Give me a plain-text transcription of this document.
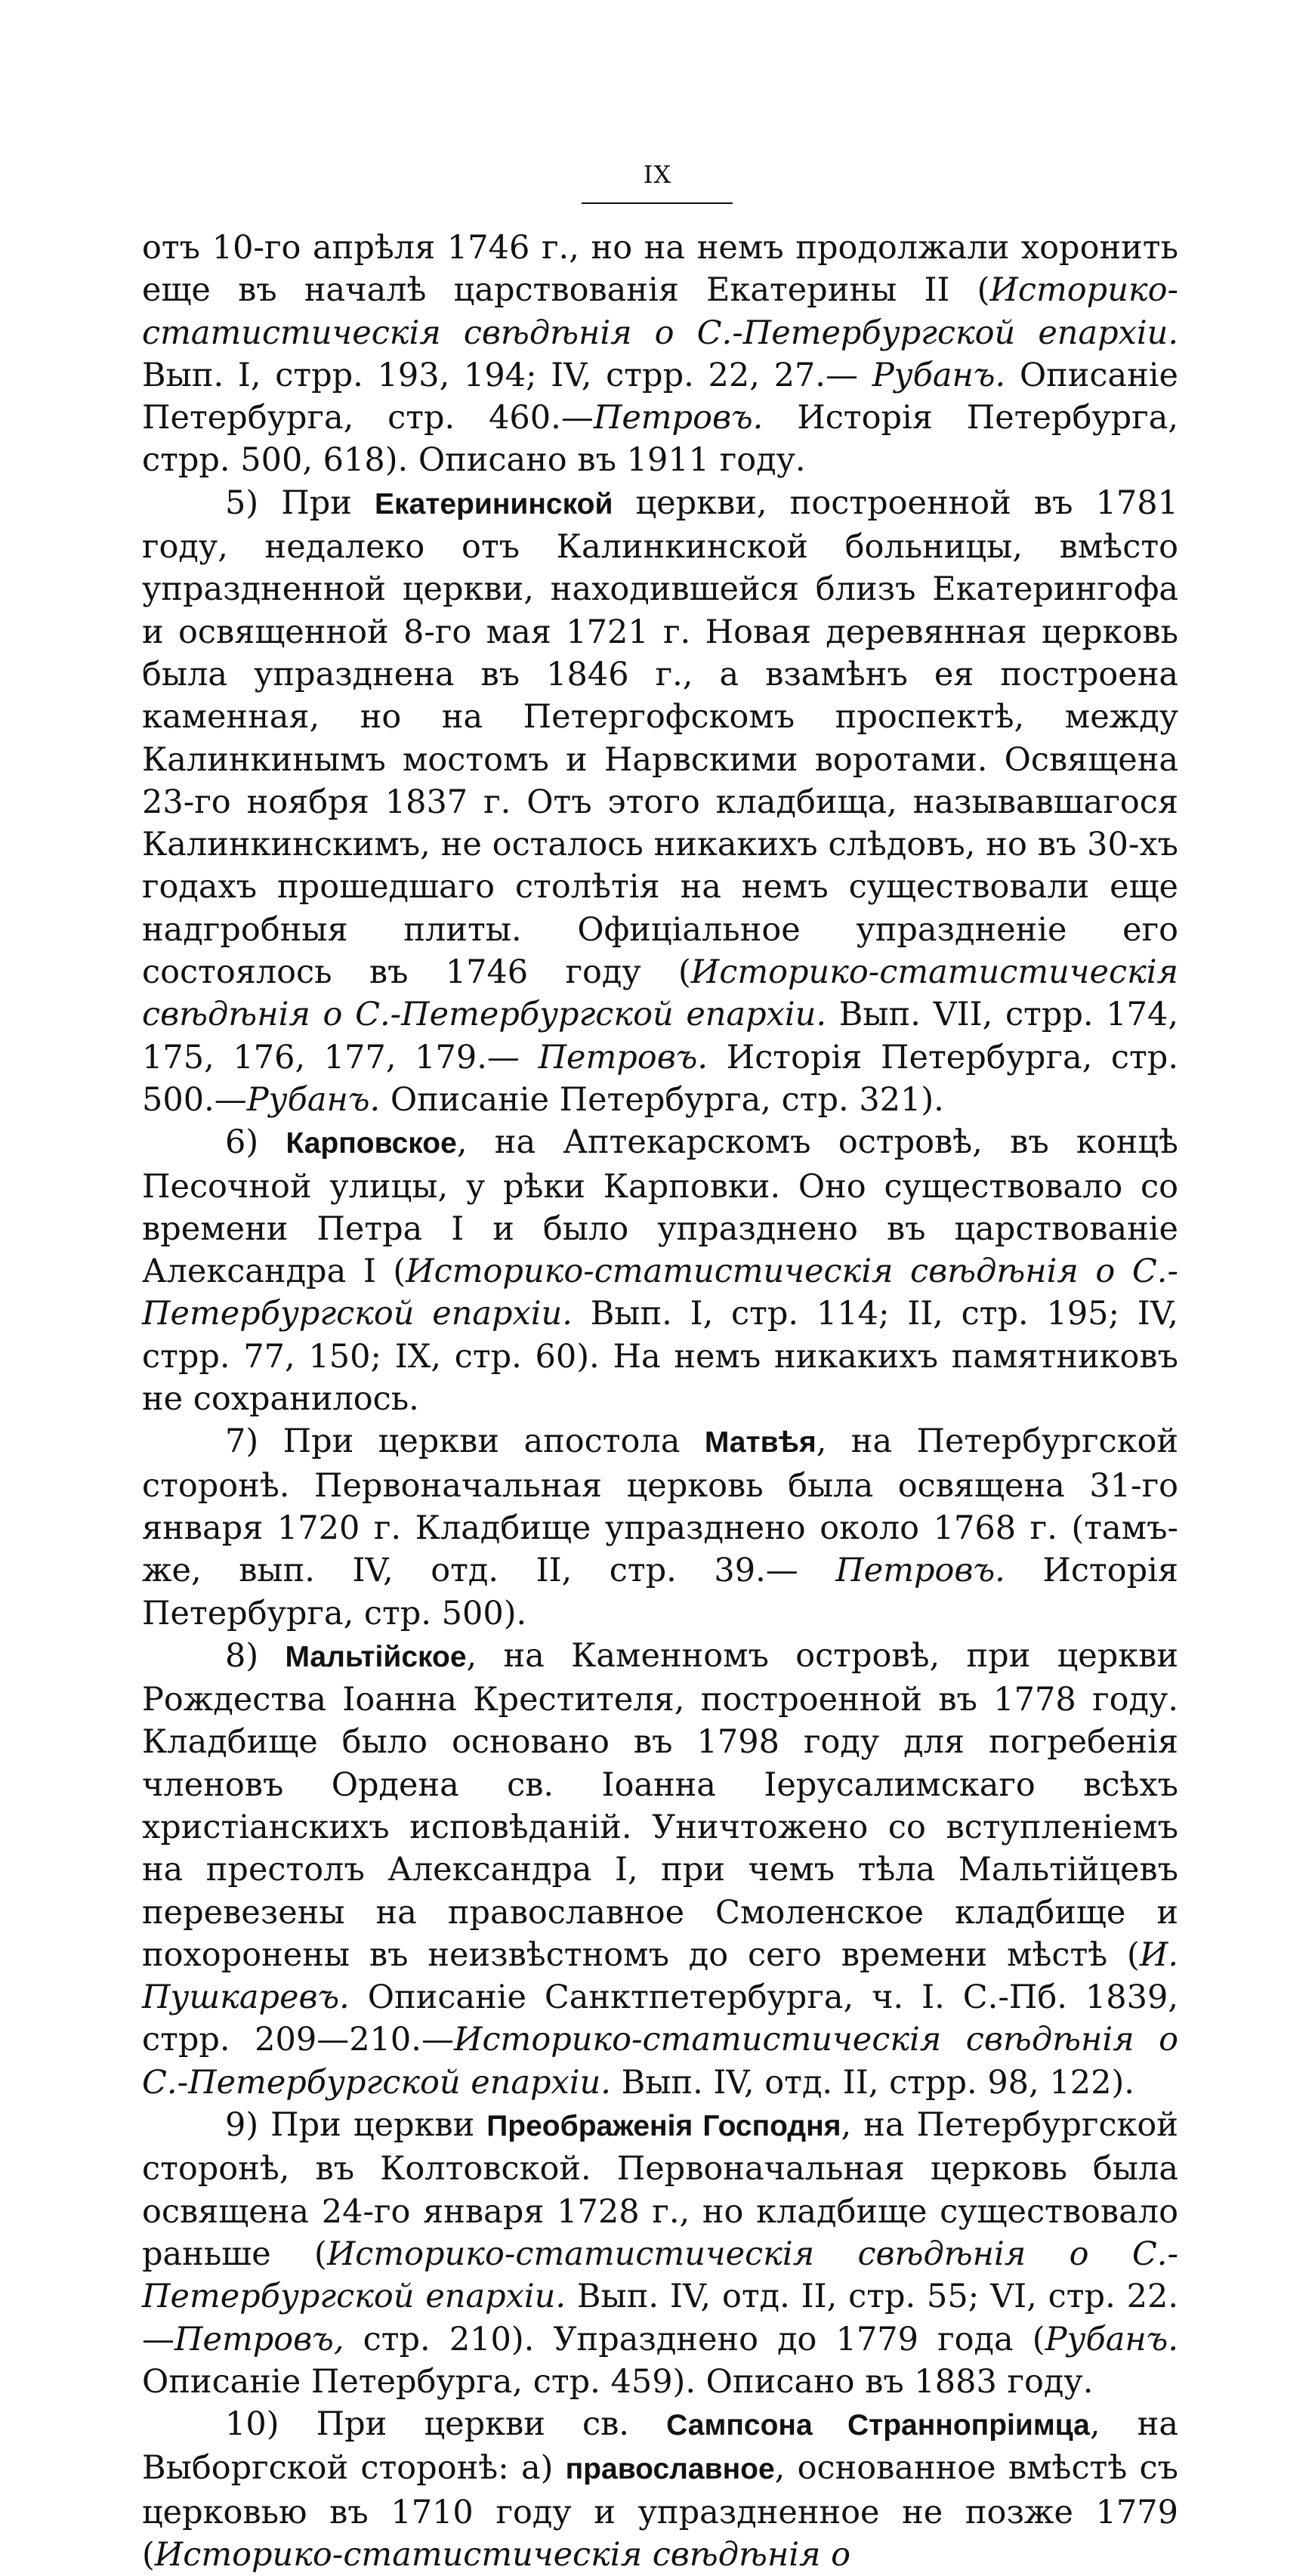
IX

отъ 10-го апрѣля 1746 г., но на немъ продолжали хоронить еще въ началѣ царствованія Екатерины II (Историко-статистическія свѣдѣнія о С.-Петербургской епархіи. Вып. I, стрр. 193, 194; IV, стрр. 22, 27.— Рубанъ. Описаніе Петербурга, стр. 460.—Петровъ. Исторія Петербурга, стрр. 500, 618). Описано въ 1911 году.

5) При Екатерининской церкви, построенной въ 1781 году, недалеко отъ Калинкинской больницы, вмѣсто упраздненной церкви, находившейся близъ Екатерингофа и освященной 8-го мая 1721 г. Новая деревянная церковь была упразднена въ 1846 г., а взамѣнъ ея построена каменная, но на Петергофскомъ проспектѣ, между Калинкинымъ мостомъ и Нарвскими воротами. Освящена 23-го ноября 1837 г. Отъ этого кладбища, называвшагося Калинкинскимъ, не осталось никакихъ слѣдовъ, но въ 30-хъ годахъ прошедшаго столѣтія на немъ существовали еще надгробныя плиты. Офиціальное упраздненіе его состоялось въ 1746 году (Историко-статистическія свѣдѣнія о С.-Петербургской епархіи. Вып. VII, стрр. 174, 175, 176, 177, 179.— Петровъ. Исторія Петербурга, стр. 500.—Рубанъ. Описаніе Петербурга, стр. 321).

6) Карповское, на Аптекарскомъ островѣ, въ концѣ Песочной улицы, у рѣки Карповки. Оно существовало со времени Петра I и было упразднено въ царствованіе Александра I (Историко-статистическія свѣдѣнія о С.-Петербургской епархіи. Вып. I, стр. 114; II, стр. 195; IV, стрр. 77, 150; IX, стр. 60). На немъ никакихъ памятниковъ не сохранилось.

7) При церкви апостола Матвѣя, на Петербургской сторонѣ. Первоначальная церковь была освящена 31-го января 1720 г. Кладбище упразднено около 1768 г. (тамъ-же, вып. IV, отд. II, стр. 39.— Петровъ. Исторія Петербурга, стр. 500).

8) Мальтійское, на Каменномъ островѣ, при церкви Рождества Іоанна Крестителя, построенной въ 1778 году. Кладбище было основано въ 1798 году для погребенія членовъ Ордена св. Іоанна Іерусалимскаго всѣхъ христіанскихъ исповѣданій. Уничтожено со вступленіемъ на престолъ Александра I, при чемъ тѣла Мальтійцевъ перевезены на православное Смоленское кладбище и похоронены въ неизвѣстномъ до сего времени мѣстѣ (И. Пушкаревъ. Описаніе Санктпетербурга, ч. I. С.-Пб. 1839, стрр. 209—210.—Историко-статистическія свѣдѣнія о С.-Петербургской епархіи. Вып. IV, отд. II, стрр. 98, 122).

9) При церкви Преображенія Господня, на Петербургской сторонѣ, въ Колтовской. Первоначальная церковь была освящена 24-го января 1728 г., но кладбище существовало раньше (Историко-статистическія свѣдѣнія о С.-Петербургской епархіи. Вып. IV, отд. II, стр. 55; VI, стр. 22.—Петровъ, стр. 210). Упразднено до 1779 года (Рубанъ. Описаніе Петербурга, стр. 459). Описано въ 1883 году.

10) При церкви св. Сампсона Страннопріимца, на Выборгской сторонѣ: а) православное, основанное вмѣстѣ съ церковью въ 1710 году и упраздненное не позже 1779 (Историко-статистическія свѣдѣнія о
